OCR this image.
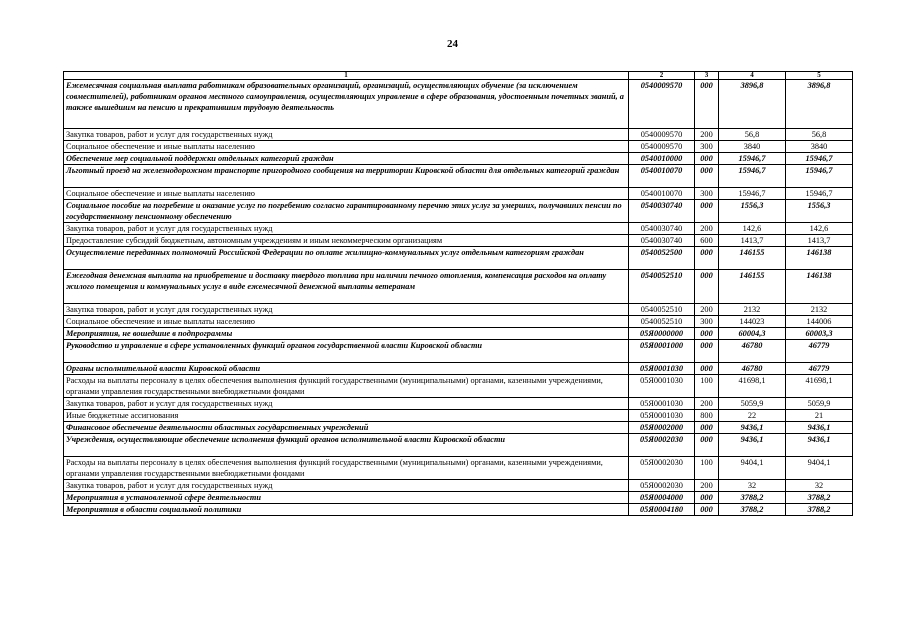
24
1	2	3	4	5
Ежемесячная социальная выплата работникам образовательных организаций, организаций, осуществляющих обучение (за исключением совместителей), работникам органов местного самоуправления, осуществляющих управление в сфере образования, удостоенным почетных званий, а также вышедшим на пенсию и прекратившим трудовую деятельность	0540009570	000	3896,8	3896,8
Закупка товаров, работ и услуг для государственных нужд	0540009570	200	56,8	56,8
Социальное обеспечение и иные выплаты населению	0540009570	300	3840	3840
Обеспечение мер социальной поддержки отдельных категорий граждан	0540010000	000	15946,7	15946,7
Льготный проезд на железнодорожном транспорте пригородного сообщения на территории Кировской области для отдельных категорий граждан	0540010070	000	15946,7	15946,7
Социальное обеспечение и иные выплаты населению	0540010070	300	15946,7	15946,7
Социальное пособие на погребение и оказание услуг по погребению согласно гарантированному перечню этих услуг за умерших, получавших пенсии по государственному пенсионному обеспечению	0540030740	000	1556,3	1556,3
Закупка товаров, работ и услуг для государственных нужд	0540030740	200	142,6	142,6
Предоставление субсидий бюджетным, автономным учреждениям и иным некоммерческим организациям	0540030740	600	1413,7	1413,7
Осуществление переданных полномочий Российской Федерации по оплате жилищно-коммунальных услуг отдельным категориям граждан	0540052500	000	146155	146138
Ежегодная денежная выплата на приобретение и доставку твердого топлива при наличии печного отопления, компенсация расходов на оплату жилого помещения и коммунальных услуг в виде ежемесячной денежной выплаты ветеранам	0540052510	000	146155	146138
Закупка товаров, работ и услуг для государственных нужд	0540052510	200	2132	2132
Социальное обеспечение и иные выплаты населению	0540052510	300	144023	144006
Мероприятия, не вошедшие в подпрограммы	05Я0000000	000	60004,3	60003,3
Руководство и управление в сфере установленных функций органов государственной власти Кировской области	05Я0001000	000	46780	46779
Органы исполнительной власти Кировской области	05Я0001030	000	46780	46779
Расходы на выплаты персоналу в целях обеспечения выполнения функций государственными (муниципальными) органами, казенными учреждениями, органами управления государственными внебюджетными фондами	05Я0001030	100	41698,1	41698,1
Закупка товаров, работ и услуг для государственных нужд	05Я0001030	200	5059,9	5059,9
Иные бюджетные ассигнования	05Я0001030	800	22	21
Финансовое обеспечение деятельности областных государственных учреждений	05Я0002000	000	9436,1	9436,1
Учреждения, осуществляющие обеспечение исполнения функций органов исполнительной власти Кировской области	05Я0002030	000	9436,1	9436,1
Расходы на выплаты персоналу в целях обеспечения выполнения функций государственными (муниципальными) органами, казенными учреждениями, органами управления государственными внебюджетными фондами	05Я0002030	100	9404,1	9404,1
Закупка товаров, работ и услуг для государственных нужд	05Я0002030	200	32	32
Мероприятия в установленной сфере деятельности	05Я0004000	000	3788,2	3788,2
Мероприятия в области социальной политики	05Я0004180	000	3788,2	3788,2
